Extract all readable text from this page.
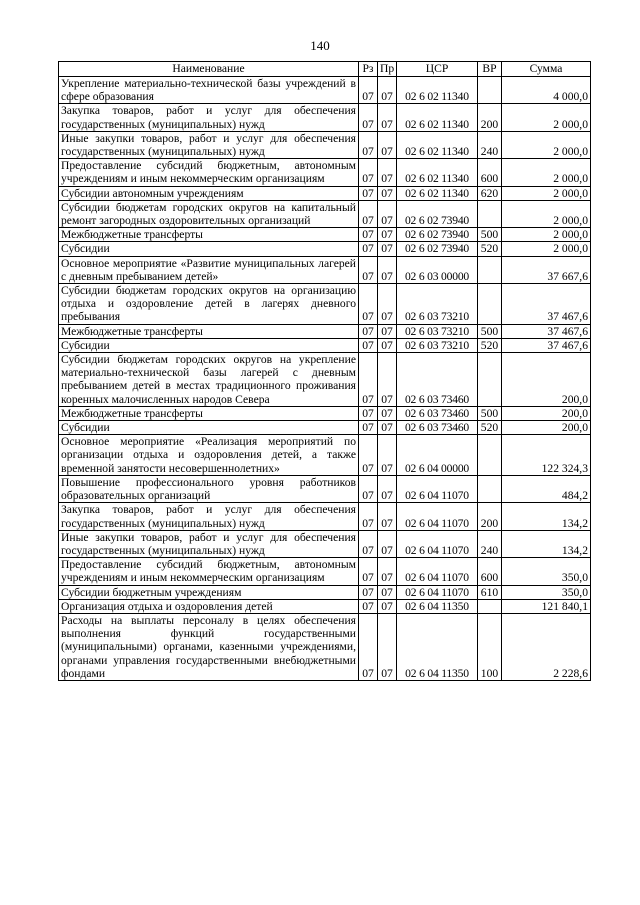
140
Наименование	Рз	Пр	ЦСР	ВР	Сумма
Укрепление материально-технической базы учреждений в сфере образования	07	07	02 6 02 11340		4 000,0
Закупка товаров, работ и услуг для обеспечения государственных (муниципальных) нужд	07	07	02 6 02 11340	200	2 000,0
Иные закупки товаров, работ и услуг для обеспечения государственных (муниципальных) нужд	07	07	02 6 02 11340	240	2 000,0
Предоставление субсидий бюджетным, автономным учреждениям и иным некоммерческим организациям	07	07	02 6 02 11340	600	2 000,0
Субсидии автономным учреждениям	07	07	02 6 02 11340	620	2 000,0
Субсидии бюджетам городских округов на капитальный ремонт загородных оздоровительных организаций	07	07	02 6 02 73940		2 000,0
Межбюджетные трансферты	07	07	02 6 02 73940	500	2 000,0
Субсидии	07	07	02 6 02 73940	520	2 000,0
Основное мероприятие «Развитие муниципальных лагерей с дневным пребыванием детей»	07	07	02 6 03 00000		37 667,6
Субсидии бюджетам городских округов на организацию отдыха и оздоровление детей в лагерях дневного пребывания	07	07	02 6 03 73210		37 467,6
Межбюджетные трансферты	07	07	02 6 03 73210	500	37 467,6
Субсидии	07	07	02 6 03 73210	520	37 467,6
Субсидии бюджетам городских округов на укрепление материально-технической базы лагерей с дневным пребыванием детей в местах традиционного проживания коренных малочисленных народов Севера	07	07	02 6 03 73460		200,0
Межбюджетные трансферты	07	07	02 6 03 73460	500	200,0
Субсидии	07	07	02 6 03 73460	520	200,0
Основное мероприятие «Реализация мероприятий по организации отдыха и оздоровления детей, а также временной занятости несовершеннолетних»	07	07	02 6 04 00000		122 324,3
Повышение профессионального уровня работников образовательных организаций	07	07	02 6 04 11070		484,2
Закупка товаров, работ и услуг для обеспечения государственных (муниципальных) нужд	07	07	02 6 04 11070	200	134,2
Иные закупки товаров, работ и услуг для обеспечения государственных (муниципальных) нужд	07	07	02 6 04 11070	240	134,2
Предоставление субсидий бюджетным, автономным учреждениям и иным некоммерческим организациям	07	07	02 6 04 11070	600	350,0
Субсидии бюджетным учреждениям	07	07	02 6 04 11070	610	350,0
Организация отдыха и оздоровления детей	07	07	02 6 04 11350		121 840,1
Расходы на выплаты персоналу в целях обеспечения выполнения функций государственными (муниципальными) органами, казенными учреждениями, органами управления государственными внебюджетными фондами	07	07	02 6 04 11350	100	2 228,6
